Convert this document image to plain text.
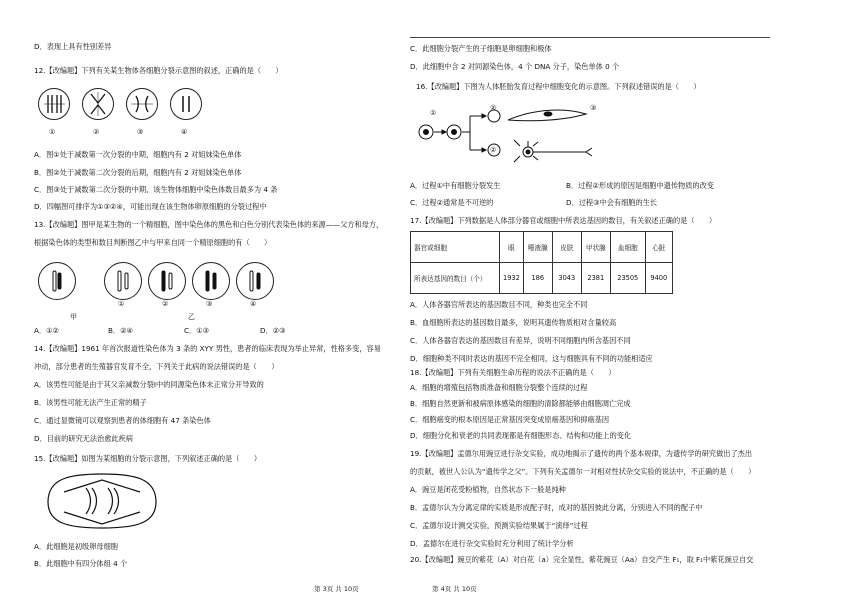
D．表现上具有性别差异
12.【改编题】下列有关某生物体各细胞分裂示意图的叙述，正确的是（　　）
①	②	③	④
A．图①处于减数第一次分裂的中期，细胞内有 2 对姐妹染色单体
B．图②处于减数第二次分裂的后期，细胞内有 2 对姐妹染色单体
C．图③处于减数第二次分裂的中期，该生物体细胞中染色体数目最多为 4 条
D．四幅图可排序为①③②④，可能出现在该生物体卵原细胞的分裂过程中
13.【改编题】图甲是某生物的一个精细胞，图中染色体的黑色和白色分别代表染色体的来源——父方和母方，
根据染色体的类型和数目判断图乙中与甲来自同一个精原细胞的有（　　）
①	②	③	④
甲	乙
A．①②	B．②④	C．①③	D．②③
14.【改编题】1961 年首次报道性染色体为 3 条的 XYY 男性，患者的临床表现为举止异常，性格多变，容易
冲动，部分患者的生殖器官发育不全，下列关于此病的说法错误的是（　　）
A．该男性可能是由于其父亲减数分裂Ⅰ中的同源染色体未正常分开导致的
B．该男性可能无法产生正常的精子
C．通过显微镜可以观察到患者的体细胞有 47 条染色体
D．目前的研究无法治愈此疾病
15.【改编题】如图为某细胞的分裂示意图，下列叙述正确的是（　　）
A．此细胞是初级卵母细胞
B．此细胞中有四分体组 4 个
第 3页 共 10页
C．此细胞分裂产生的子细胞是卵细胞和极体
D．此细胞中含 2 对同源染色体，4 个 DNA 分子，染色单体 0 个
16.【改编题】下图为人体胚胎发育过程中细胞变化的示意图。下列叙述错误的是（　　）
①
②
②
③
A．过程①中有细胞分裂发生	B．过程②形成的原因是细胞中遗传物质的改变
C．过程②通常是不可逆的	D．过程③中会有细胞的生长
17.【改编题】下列数据是人体部分器官或细胞中所表达基因的数目，有关叙述正确的是（　　）
器官或细胞	眼	唾液腺	皮肤	甲状腺	血细胞	心脏
所表达基因的数目（个）	1932	186	3043	2381	23505	9400
A．人体各器官所表达的基因数目不同，种类也完全不同
B．血细胞所表达的基因数目最多，说明其遗传物质相对含量较高
C．人体各器官表达的基因数目有差异，说明不同细胞内所含基因不同
D．细胞种类不同时表达的基因不完全相同，这与细胞具有不同的功能相适应
18.【改编题】下列有关细胞生命历程的说法不正确的是（　　）
A．细胞的增殖包括物质准备和细胞分裂整个连续的过程
B．细胞自然更新和被病原体感染的细胞的清除都能够由细胞凋亡完成
C．细胞癌变的根本原因是正常基因突变成原癌基因和抑癌基因
D．细胞分化和衰老的共同表现都是有细胞形态、结构和功能上的变化
19.【改编题】孟德尔用豌豆进行杂交实验，成功地揭示了遗传的两个基本规律，为遗传学的研究做出了杰出
的贡献，被世人公认为“遗传学之父”。下列有关孟德尔一对相对性状杂交实验的说法中，不正确的是（　　）
A．豌豆是闭花受粉植物，自然状态下一般是纯种
B．孟德尔认为分离定律的实质是形成配子时，成对的基因彼此分离，分别进入不同的配子中
C．孟德尔设计测交实验，预测实验结果属于“演绎”过程
D．孟德尔在进行杂交实验时充分利用了统计学分析
20.【改编题】豌豆的紫花（A）对白花（a）完全显性，紫花豌豆（Aa）自交产生 F₁，取 F₁中紫花豌豆自交
第 4页 共 10页
